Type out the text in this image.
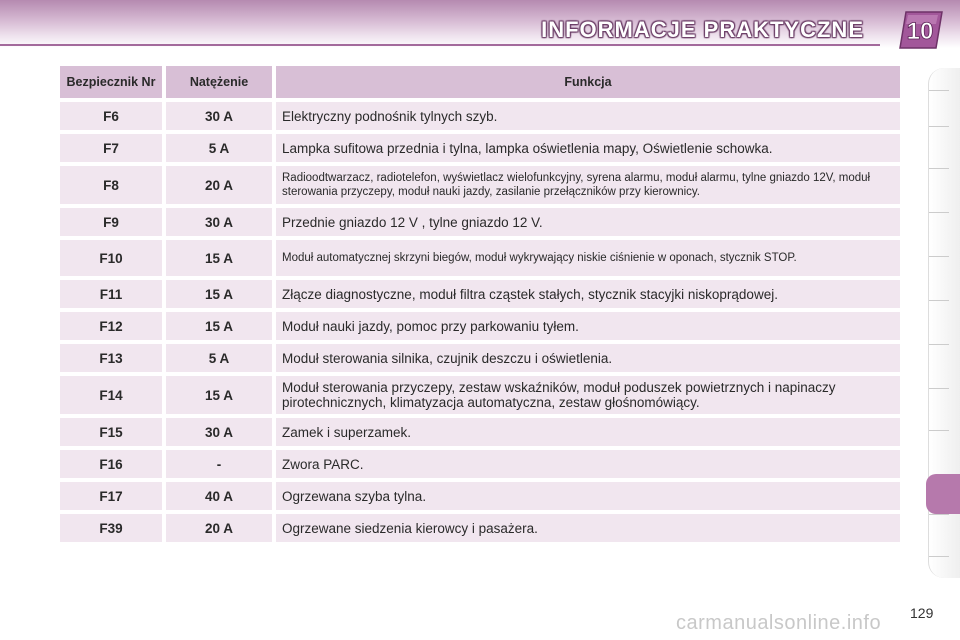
INFORMACJE PRAKTYCZNE 10
Bezpiecznik Nr	Natężenie	Funkcja
F6	30 A	Elektryczny podnośnik tylnych szyb.
F7	5 A	Lampka sufitowa przednia i tylna, lampka oświetlenia mapy, Oświetlenie schowka.
F8	20 A	Radioodtwarzacz, radiotelefon, wyświetlacz wielofunkcyjny, syrena alarmu, moduł alarmu, tylne gniazdo 12V, moduł sterowania przyczepy, moduł nauki jazdy, zasilanie przełączników przy kierownicy.
F9	30 A	Przednie gniazdo 12 V , tylne gniazdo 12 V.
F10	15 A	Moduł automatycznej skrzyni biegów, moduł wykrywający niskie ciśnienie w oponach, stycznik STOP.
F11	15 A	Złącze diagnostyczne, moduł filtra cząstek stałych, stycznik stacyjki niskoprądowej.
F12	15 A	Moduł nauki jazdy, pomoc przy parkowaniu tyłem.
F13	5 A	Moduł sterowania silnika, czujnik deszczu i oświetlenia.
F14	15 A	Moduł sterowania przyczepy, zestaw wskaźników, moduł poduszek powietrznych i napinaczy pirotechnicznych, klimatyzacja automatyczna, zestaw głośnomówiący.
F15	30 A	Zamek i superzamek.
F16	-	Zwora PARC.
F17	40 A	Ogrzewana szyba tylna.
F39	20 A	Ogrzewane siedzenia kierowcy i pasażera.
129
carmanualsonline.info
